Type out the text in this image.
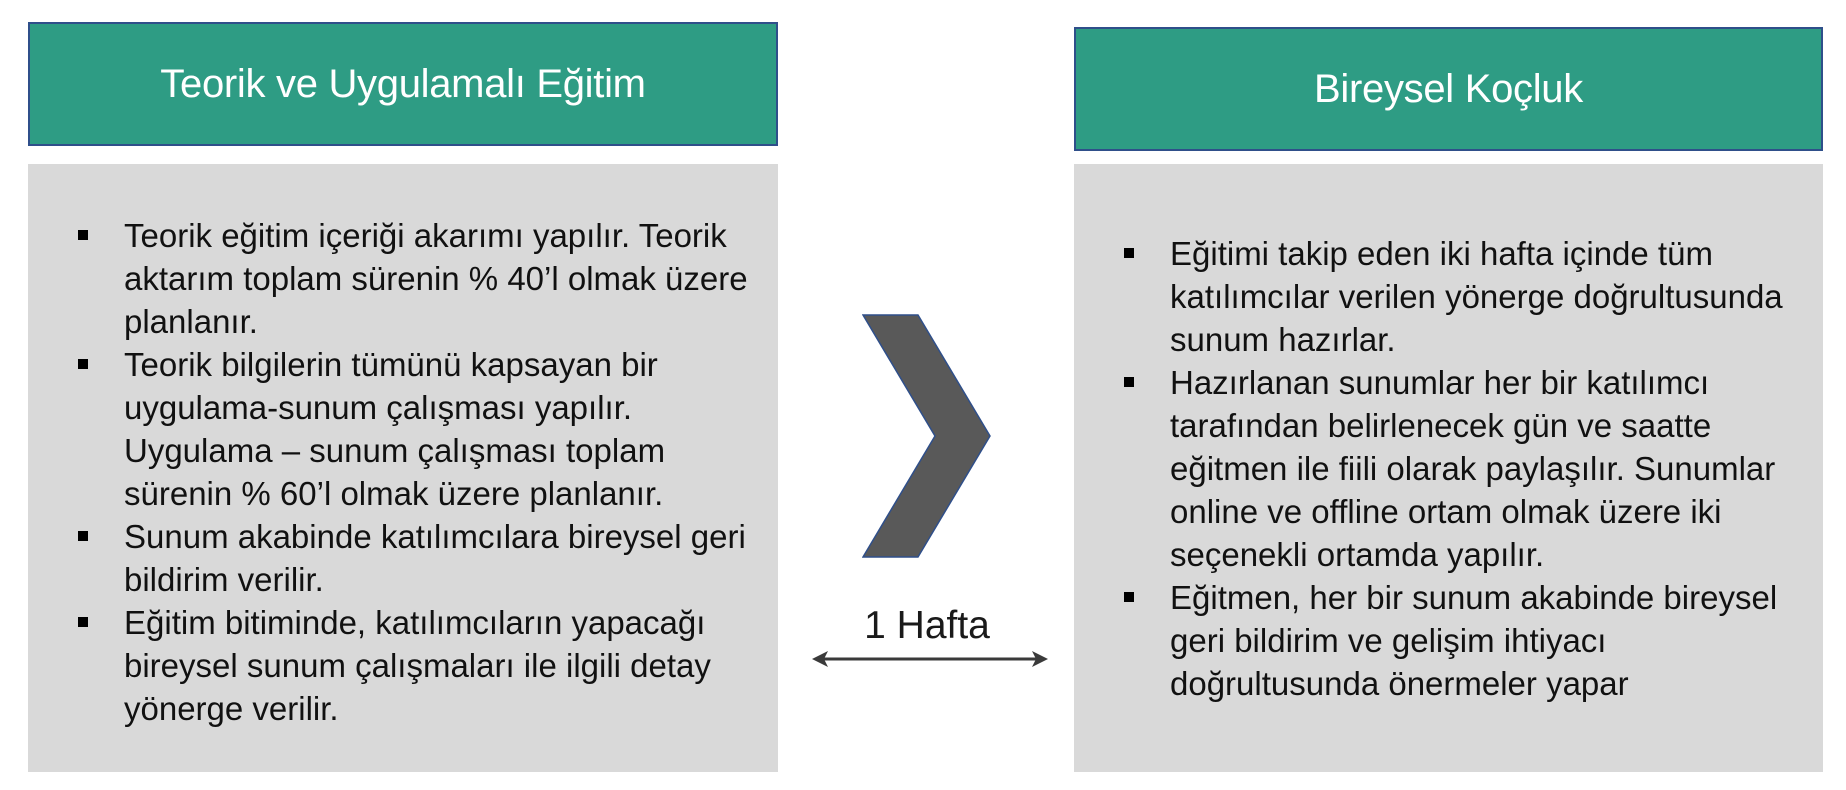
Teorik ve Uygulamalı Eğitim
Teorik eğitim içeriği akarımı yapılır. Teorik aktarım toplam sürenin % 40’l olmak üzere planlanır.
Teorik bilgilerin tümünü kapsayan bir uygulama-sunum çalışması yapılır. Uygulama – sunum çalışması toplam sürenin % 60’l olmak üzere planlanır.
Sunum akabinde katılımcılara bireysel geri bildirim verilir.
Eğitim bitiminde, katılımcıların yapacağı bireysel sunum çalışmaları ile ilgili detay yönerge verilir.
1 Hafta
Bireysel Koçluk
Eğitimi takip eden iki hafta içinde tüm katılımcılar verilen yönerge doğrultusunda sunum hazırlar.
Hazırlanan sunumlar her bir katılımcı tarafından belirlenecek gün ve saatte eğitmen ile fiili olarak paylaşılır. Sunumlar online ve offline ortam olmak üzere iki seçenekli ortamda yapılır.
Eğitmen, her bir sunum akabinde bireysel geri bildirim ve gelişim ihtiyacı doğrultusunda önermeler yapar
